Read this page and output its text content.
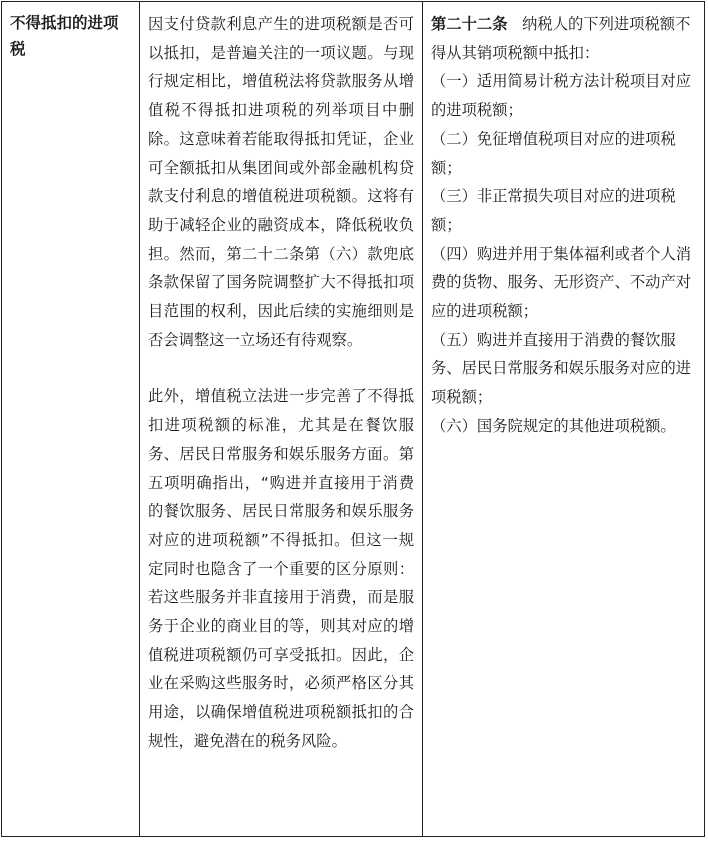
不得抵扣的进项税

因支付贷款利息产生的进项税额是否可以抵扣，是普遍关注的一项议题。与现行规定相比，增值税法将贷款服务从增值税不得抵扣进项税的列举项目中删除。这意味着若能取得抵扣凭证，企业可全额抵扣从集团间或外部金融机构贷款支付利息的增值税进项税额。这将有助于减轻企业的融资成本，降低税收负担。然而，第二十二条第（六）款兜底条款保留了国务院调整扩大不得抵扣项目范围的权利，因此后续的实施细则是否会调整这一立场还有待观察。

此外，增值税立法进一步完善了不得抵扣进项税额的标准，尤其是在餐饮服务、居民日常服务和娱乐服务方面。第五项明确指出，“购进并直接用于消费的餐饮服务、居民日常服务和娱乐服务对应的进项税额”不得抵扣。但这一规定同时也隐含了一个重要的区分原则：若这些服务并非直接用于消费，而是服务于企业的商业目的等，则其对应的增值税进项税额仍可享受抵扣。因此，企业在采购这些服务时，必须严格区分其用途，以确保增值税进项税额抵扣的合规性，避免潜在的税务风险。

第二十二条 纳税人的下列进项税额不得从其销项税额中抵扣：

（一）适用简易计税方法计税项目对应的进项税额；

（二）免征增值税项目对应的进项税额；

（三）非正常损失项目对应的进项税额；

（四）购进并用于集体福利或者个人消费的货物、服务、无形资产、不动产对应的进项税额；

（五）购进并直接用于消费的餐饮服务、居民日常服务和娱乐服务对应的进项税额；

（六）国务院规定的其他进项税额。
